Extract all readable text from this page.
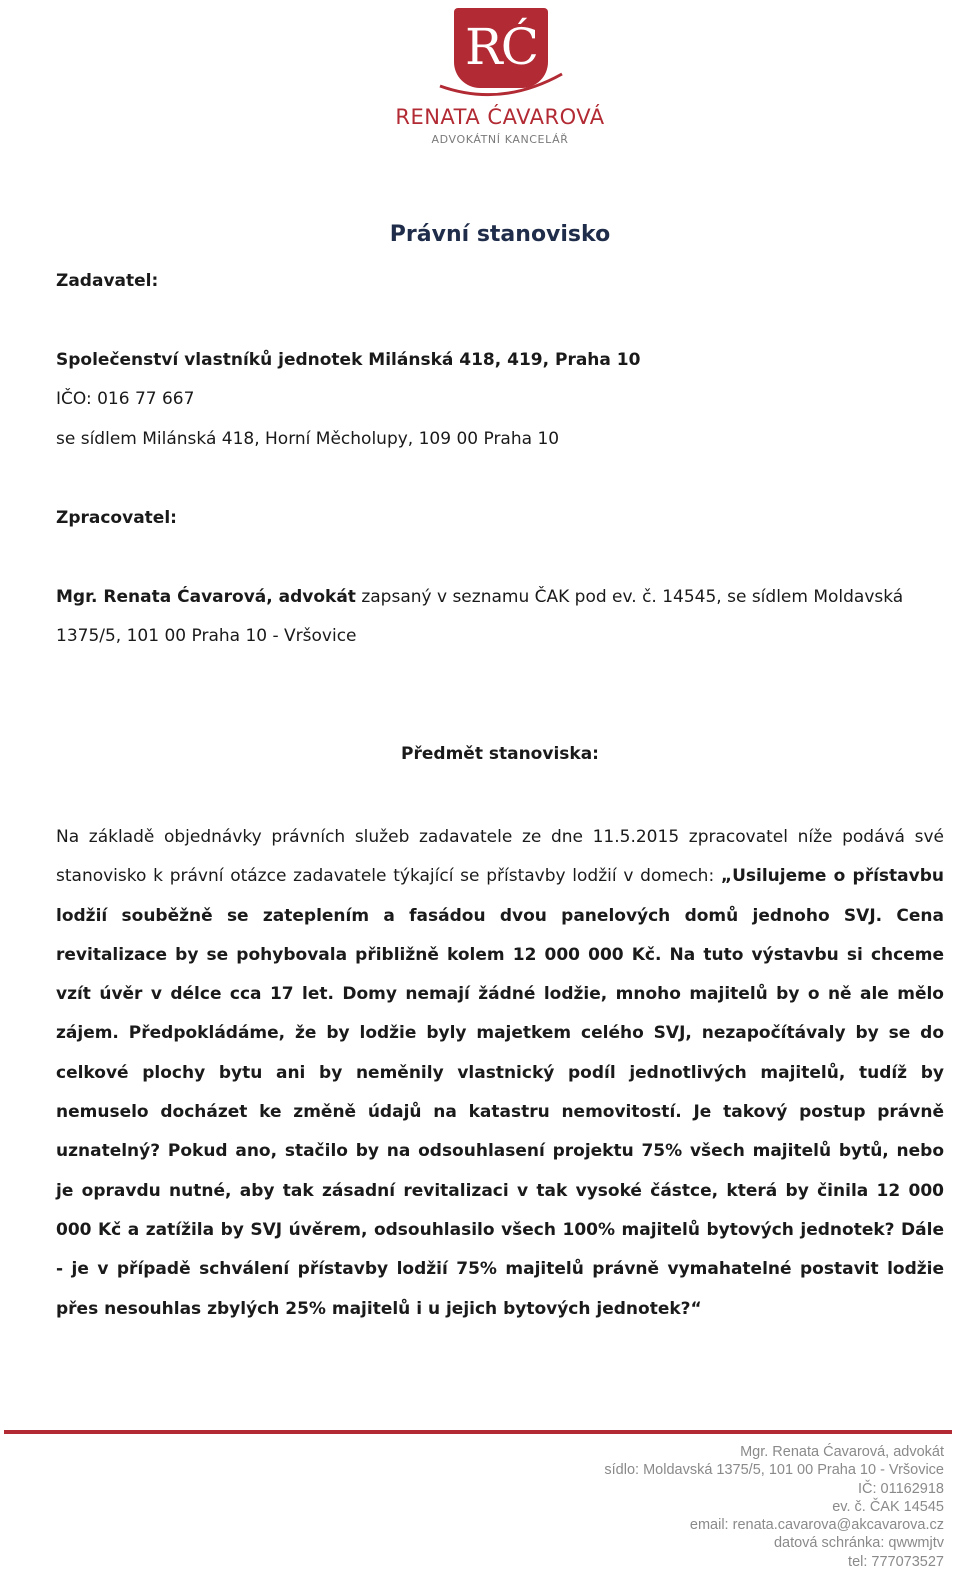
RĆ
RENATA ĆAVAROVÁ
ADVOKÁTNÍ KANCELÁŘ
Právní stanovisko
Zadavatel:
Společenství vlastníků jednotek Milánská 418, 419, Praha 10
IČO: 016 77 667
se sídlem Milánská 418, Horní Měcholupy, 109 00 Praha 10
Zpracovatel:
Mgr. Renata Ćavarová, advokát zapsaný v seznamu ČAK pod ev. č. 14545, se sídlem Moldavská
1375/5, 101 00 Praha 10 - Vršovice
Předmět stanoviska:
Na základě objednávky právních služeb zadavatele ze dne 11.5.2015 zpracovatel níže podává své stanovisko k právní otázce zadavatele týkající se přístavby lodžií v domech: „Usilujeme o přístavbu lodžií souběžně se zateplením a fasádou dvou panelových domů jednoho SVJ. Cena revitalizace by se pohybovala přibližně kolem 12 000 000 Kč. Na tuto výstavbu si chceme vzít úvěr v délce cca 17 let. Domy nemají žádné lodžie, mnoho majitelů by o ně ale mělo zájem. Předpokládáme, že by lodžie byly majetkem celého SVJ, nezapočítávaly by se do celkové plochy bytu ani by neměnily vlastnický podíl jednotlivých majitelů, tudíž by nemuselo docházet ke změně údajů na katastru nemovitostí. Je takový postup právně uznatelný? Pokud ano, stačilo by na odsouhlasení projektu 75% všech majitelů bytů, nebo je opravdu nutné, aby tak zásadní revitalizaci v tak vysoké částce, která by činila 12 000 000 Kč a zatížila by SVJ úvěrem, odsouhlasilo všech 100% majitelů bytových jednotek? Dále - je v případě schválení přístavby lodžií 75% majitelů právně vymahatelné postavit lodžie přes nesouhlas zbylých 25% majitelů i u jejich bytových jednotek?“
Mgr. Renata Ćavarová, advokát
sídlo: Moldavská 1375/5, 101 00 Praha 10 - Vršovice
IČ: 01162918
ev. č. ČAK 14545
email: renata.cavarova@akcavarova.cz
datová schránka: qwwmjtv
tel: 777073527
